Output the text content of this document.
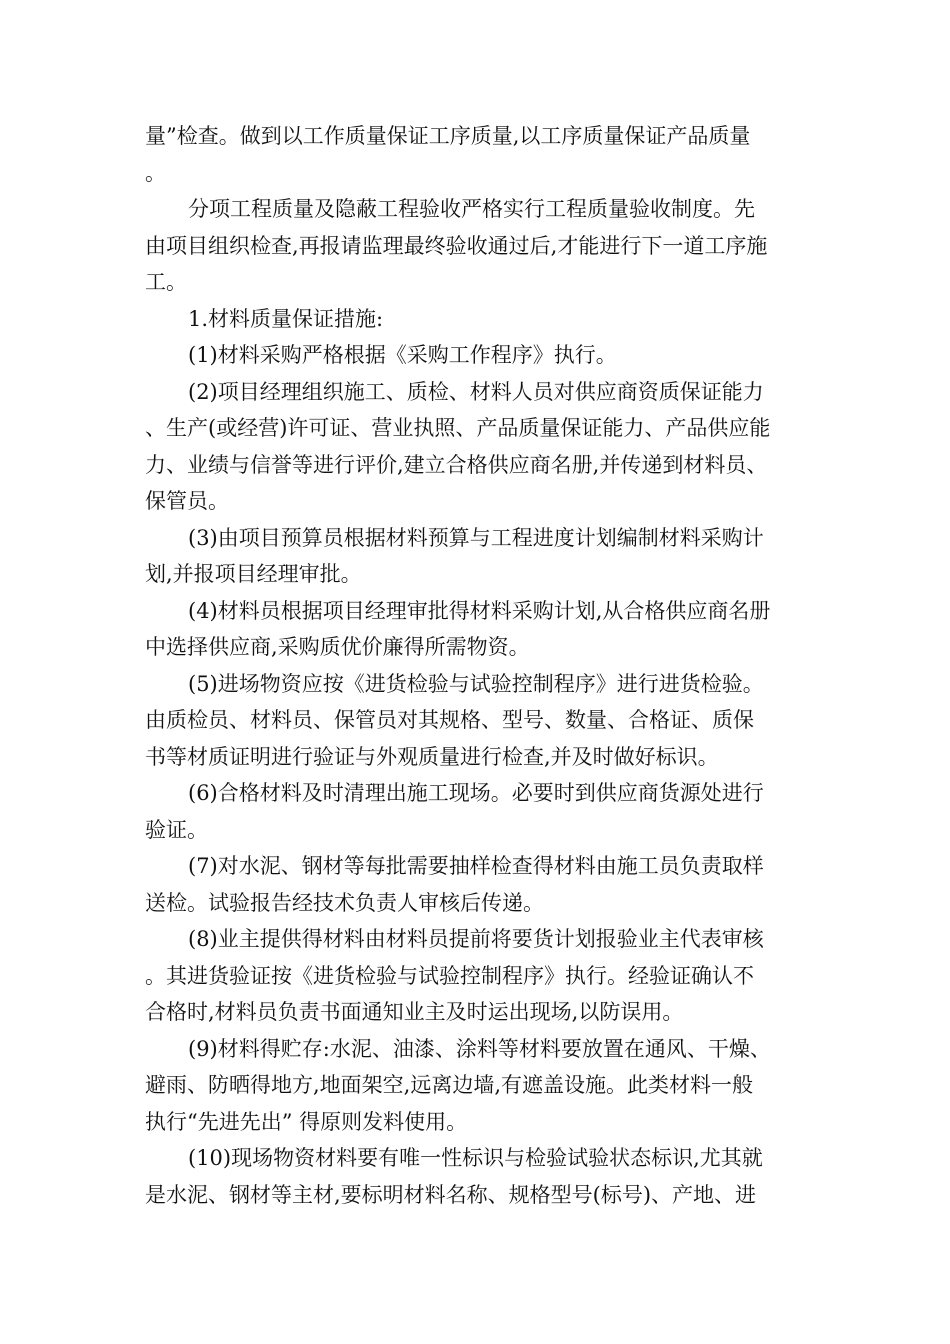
量”检查。做到以工作质量保证工序质量,以工序质量保证产品质量
。
分项工程质量及隐蔽工程验收严格实行工程质量验收制度。先
由项目组织检查,再报请监理最终验收通过后,才能进行下一道工序施
工。
1.材料质量保证措施:
(1)材料采购严格根据《采购工作程序》执行。
(2)项目经理组织施工、质检、材料人员对供应商资质保证能力
、生产(或经营)许可证、营业执照、产品质量保证能力、产品供应能
力、业绩与信誉等进行评价,建立合格供应商名册,并传递到材料员、
保管员。
(3)由项目预算员根据材料预算与工程进度计划编制材料采购计
划,并报项目经理审批。
(4)材料员根据项目经理审批得材料采购计划,从合格供应商名册
中选择供应商,采购质优价廉得所需物资。
(5)进场物资应按《进货检验与试验控制程序》进行进货检验。
由质检员、材料员、保管员对其规格、型号、数量、合格证、质保
书等材质证明进行验证与外观质量进行检查,并及时做好标识。
(6)合格材料及时清理出施工现场。必要时到供应商货源处进行
验证。
(7)对水泥、钢材等每批需要抽样检查得材料由施工员负责取样
送检。试验报告经技术负责人审核后传递。
(8)业主提供得材料由材料员提前将要货计划报验业主代表审核
。其进货验证按《进货检验与试验控制程序》执行。经验证确认不
合格时,材料员负责书面通知业主及时运出现场,以防误用。
(9)材料得贮存:水泥、油漆、涂料等材料要放置在通风、干燥、
避雨、防晒得地方,地面架空,远离边墙,有遮盖设施。此类材料一般
执行“先进先出” 得原则发料使用。
(10)现场物资材料要有唯一性标识与检验试验状态标识,尤其就
是水泥、钢材等主材,要标明材料名称、规格型号(标号)、产地、进
